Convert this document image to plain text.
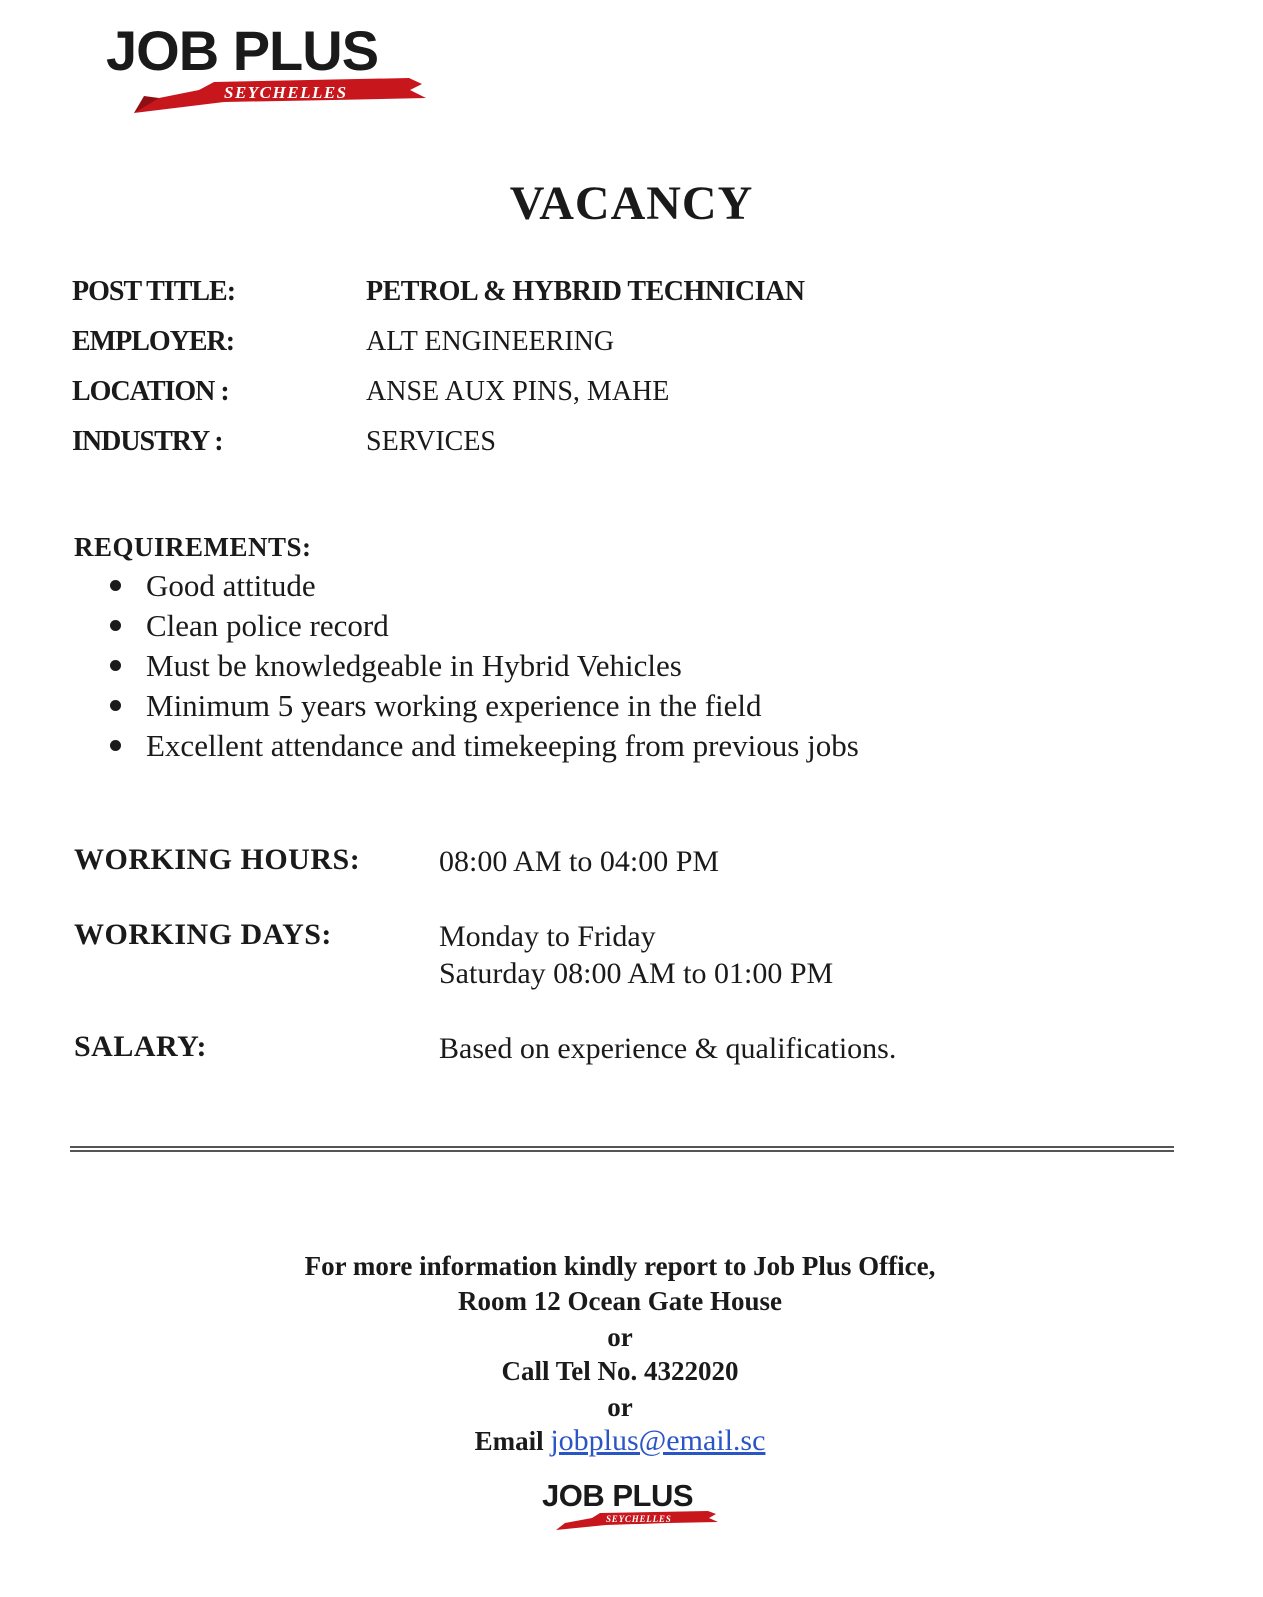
JOB PLUS
SEYCHELLES
VACANCY
POST TITLE:	PETROL & HYBRID TECHNICIAN
EMPLOYER:	ALT ENGINEERING
LOCATION :	ANSE AUX PINS, MAHE
INDUSTRY :	SERVICES
REQUIREMENTS:
Good attitude
Clean police record
Must be knowledgeable in Hybrid Vehicles
Minimum 5 years working experience in the field
Excellent attendance and timekeeping from previous jobs
WORKING HOURS:	08:00 AM to 04:00 PM
WORKING DAYS:	Monday to Friday
Saturday 08:00 AM to 01:00 PM
SALARY:	Based on experience & qualifications.
For more information kindly report to Job Plus Office,
Room 12 Ocean Gate House
or
Call Tel No. 4322020
or
Email jobplus@email.sc
JOB PLUS
SEYCHELLES
